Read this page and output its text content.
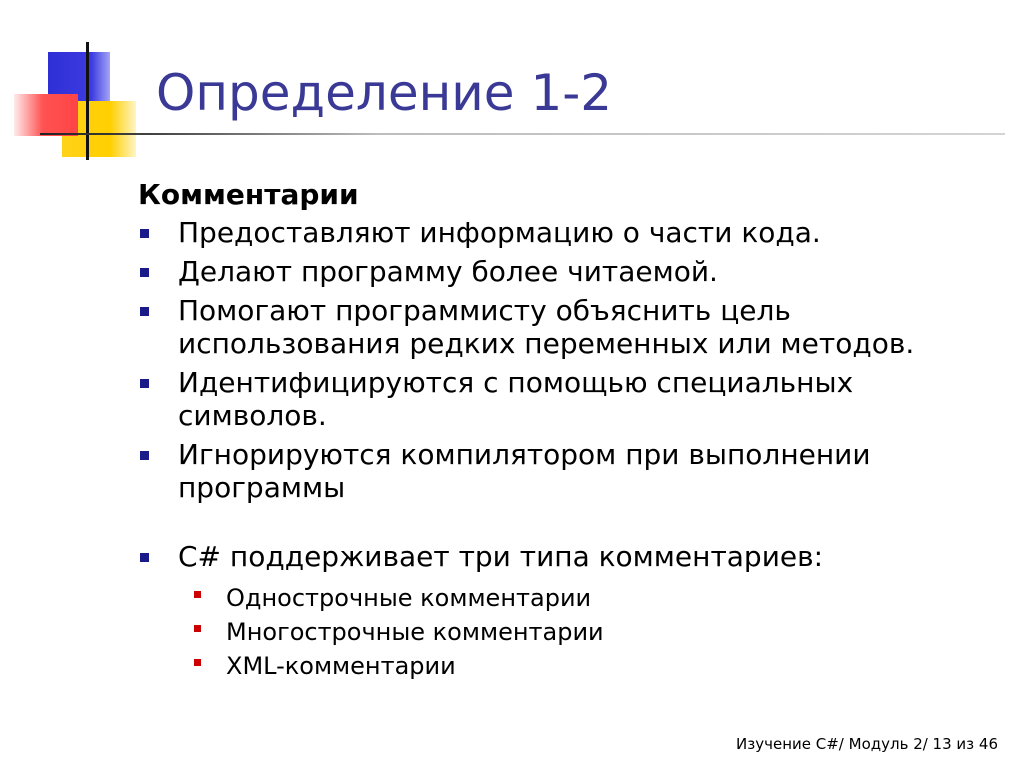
Определение 1-2
Комментарии
Предоставляют информацию о части кода.
Делают программу более читаемой.
Помогают программисту объяснить цель использования редких переменных или методов.
Идентифицируются с помощью специальных символов.
Игнорируются компилятором при выполнении программы
C# поддерживает три типа комментариев:
Однострочные комментарии
Многострочные комментарии
XML-комментарии
Изучение C#/ Модуль 2/ 13 из 46
